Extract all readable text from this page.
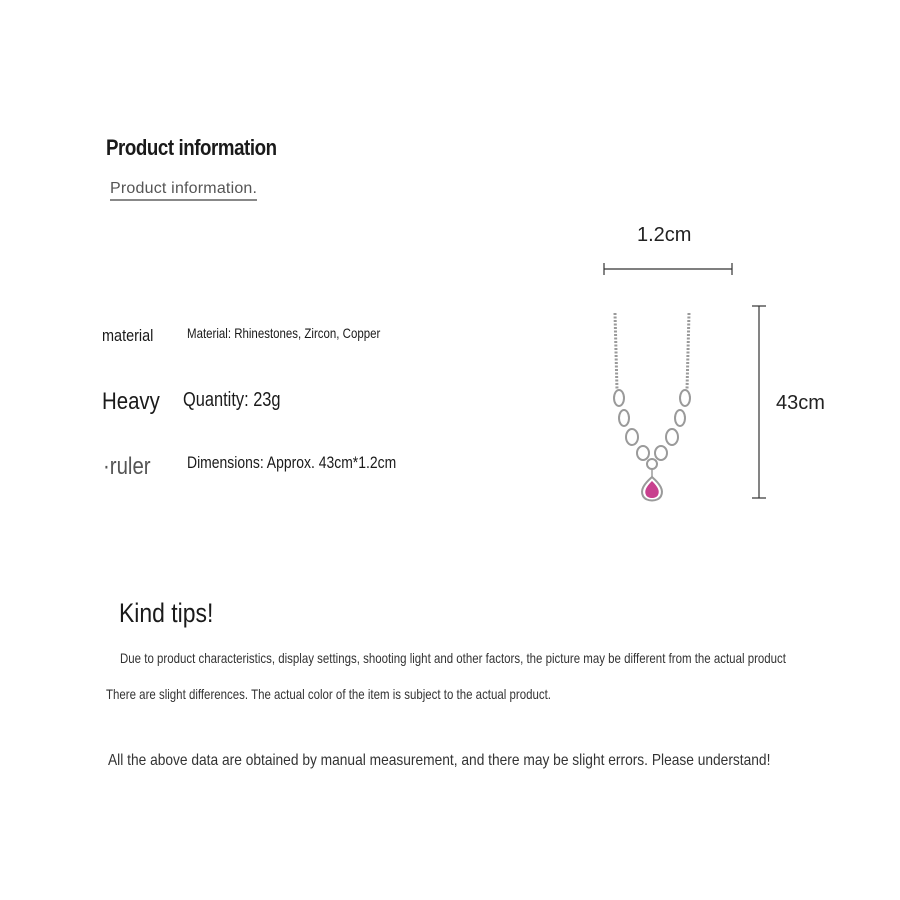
Product information
Product information.
material Material: Rhinestones, Zircon, Copper
Heavy Quantity: 23g
·ruler Dimensions: Approx. 43cm*1.2cm
1.2cm
43cm
Kind tips!
Due to product characteristics, display settings, shooting light and other factors, the picture may be different from the actual product
There are slight differences. The actual color of the item is subject to the actual product.
All the above data are obtained by manual measurement, and there may be slight errors. Please understand!
